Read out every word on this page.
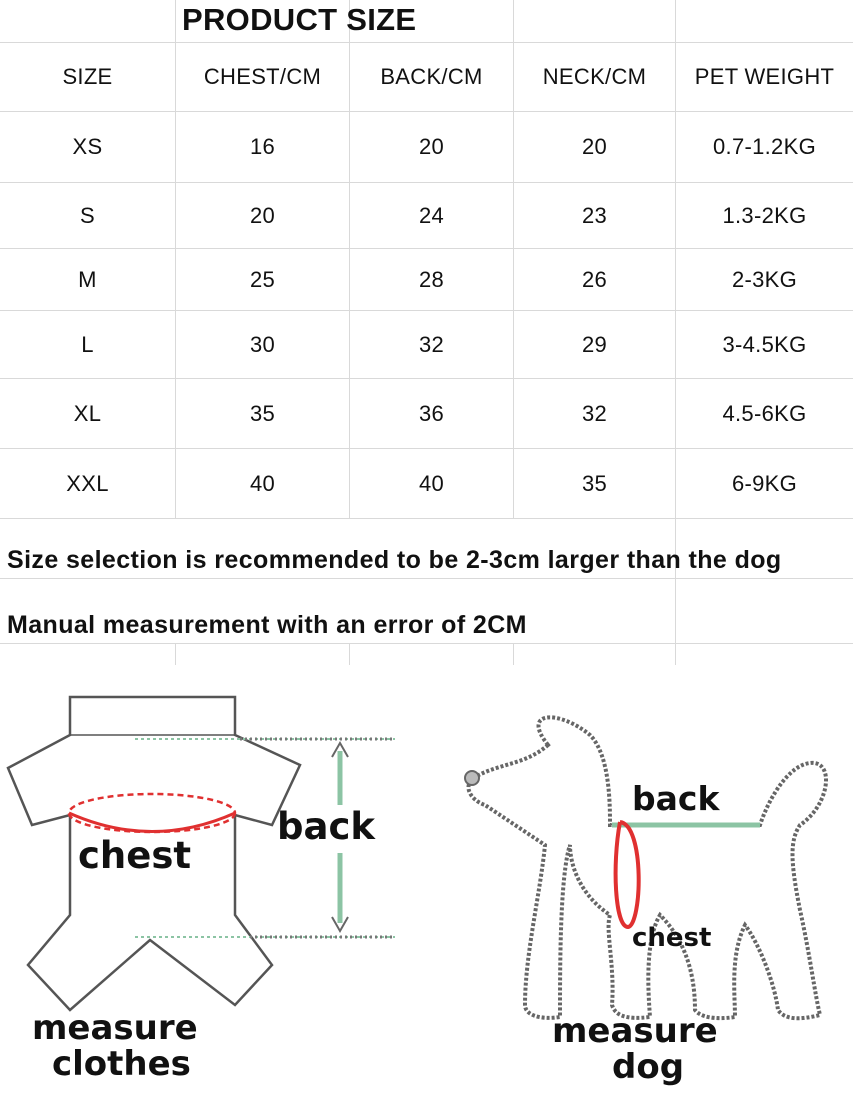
PRODUCT SIZE
SIZE	CHEST/CM	BACK/CM	NECK/CM	PET WEIGHT
XS	16	20	20	0.7-1.2KG
S	20	24	23	1.3-2KG
M	25	28	26	2-3KG
L	30	32	29	3-4.5KG
XL	35	36	32	4.5-6KG
XXL	40	40	35	6-9KG
Size selection is recommended to be 2-3cm larger than the dog
Manual measurement with an error of 2CM
back
chest
measure
clothes
back
chest
measure
dog
